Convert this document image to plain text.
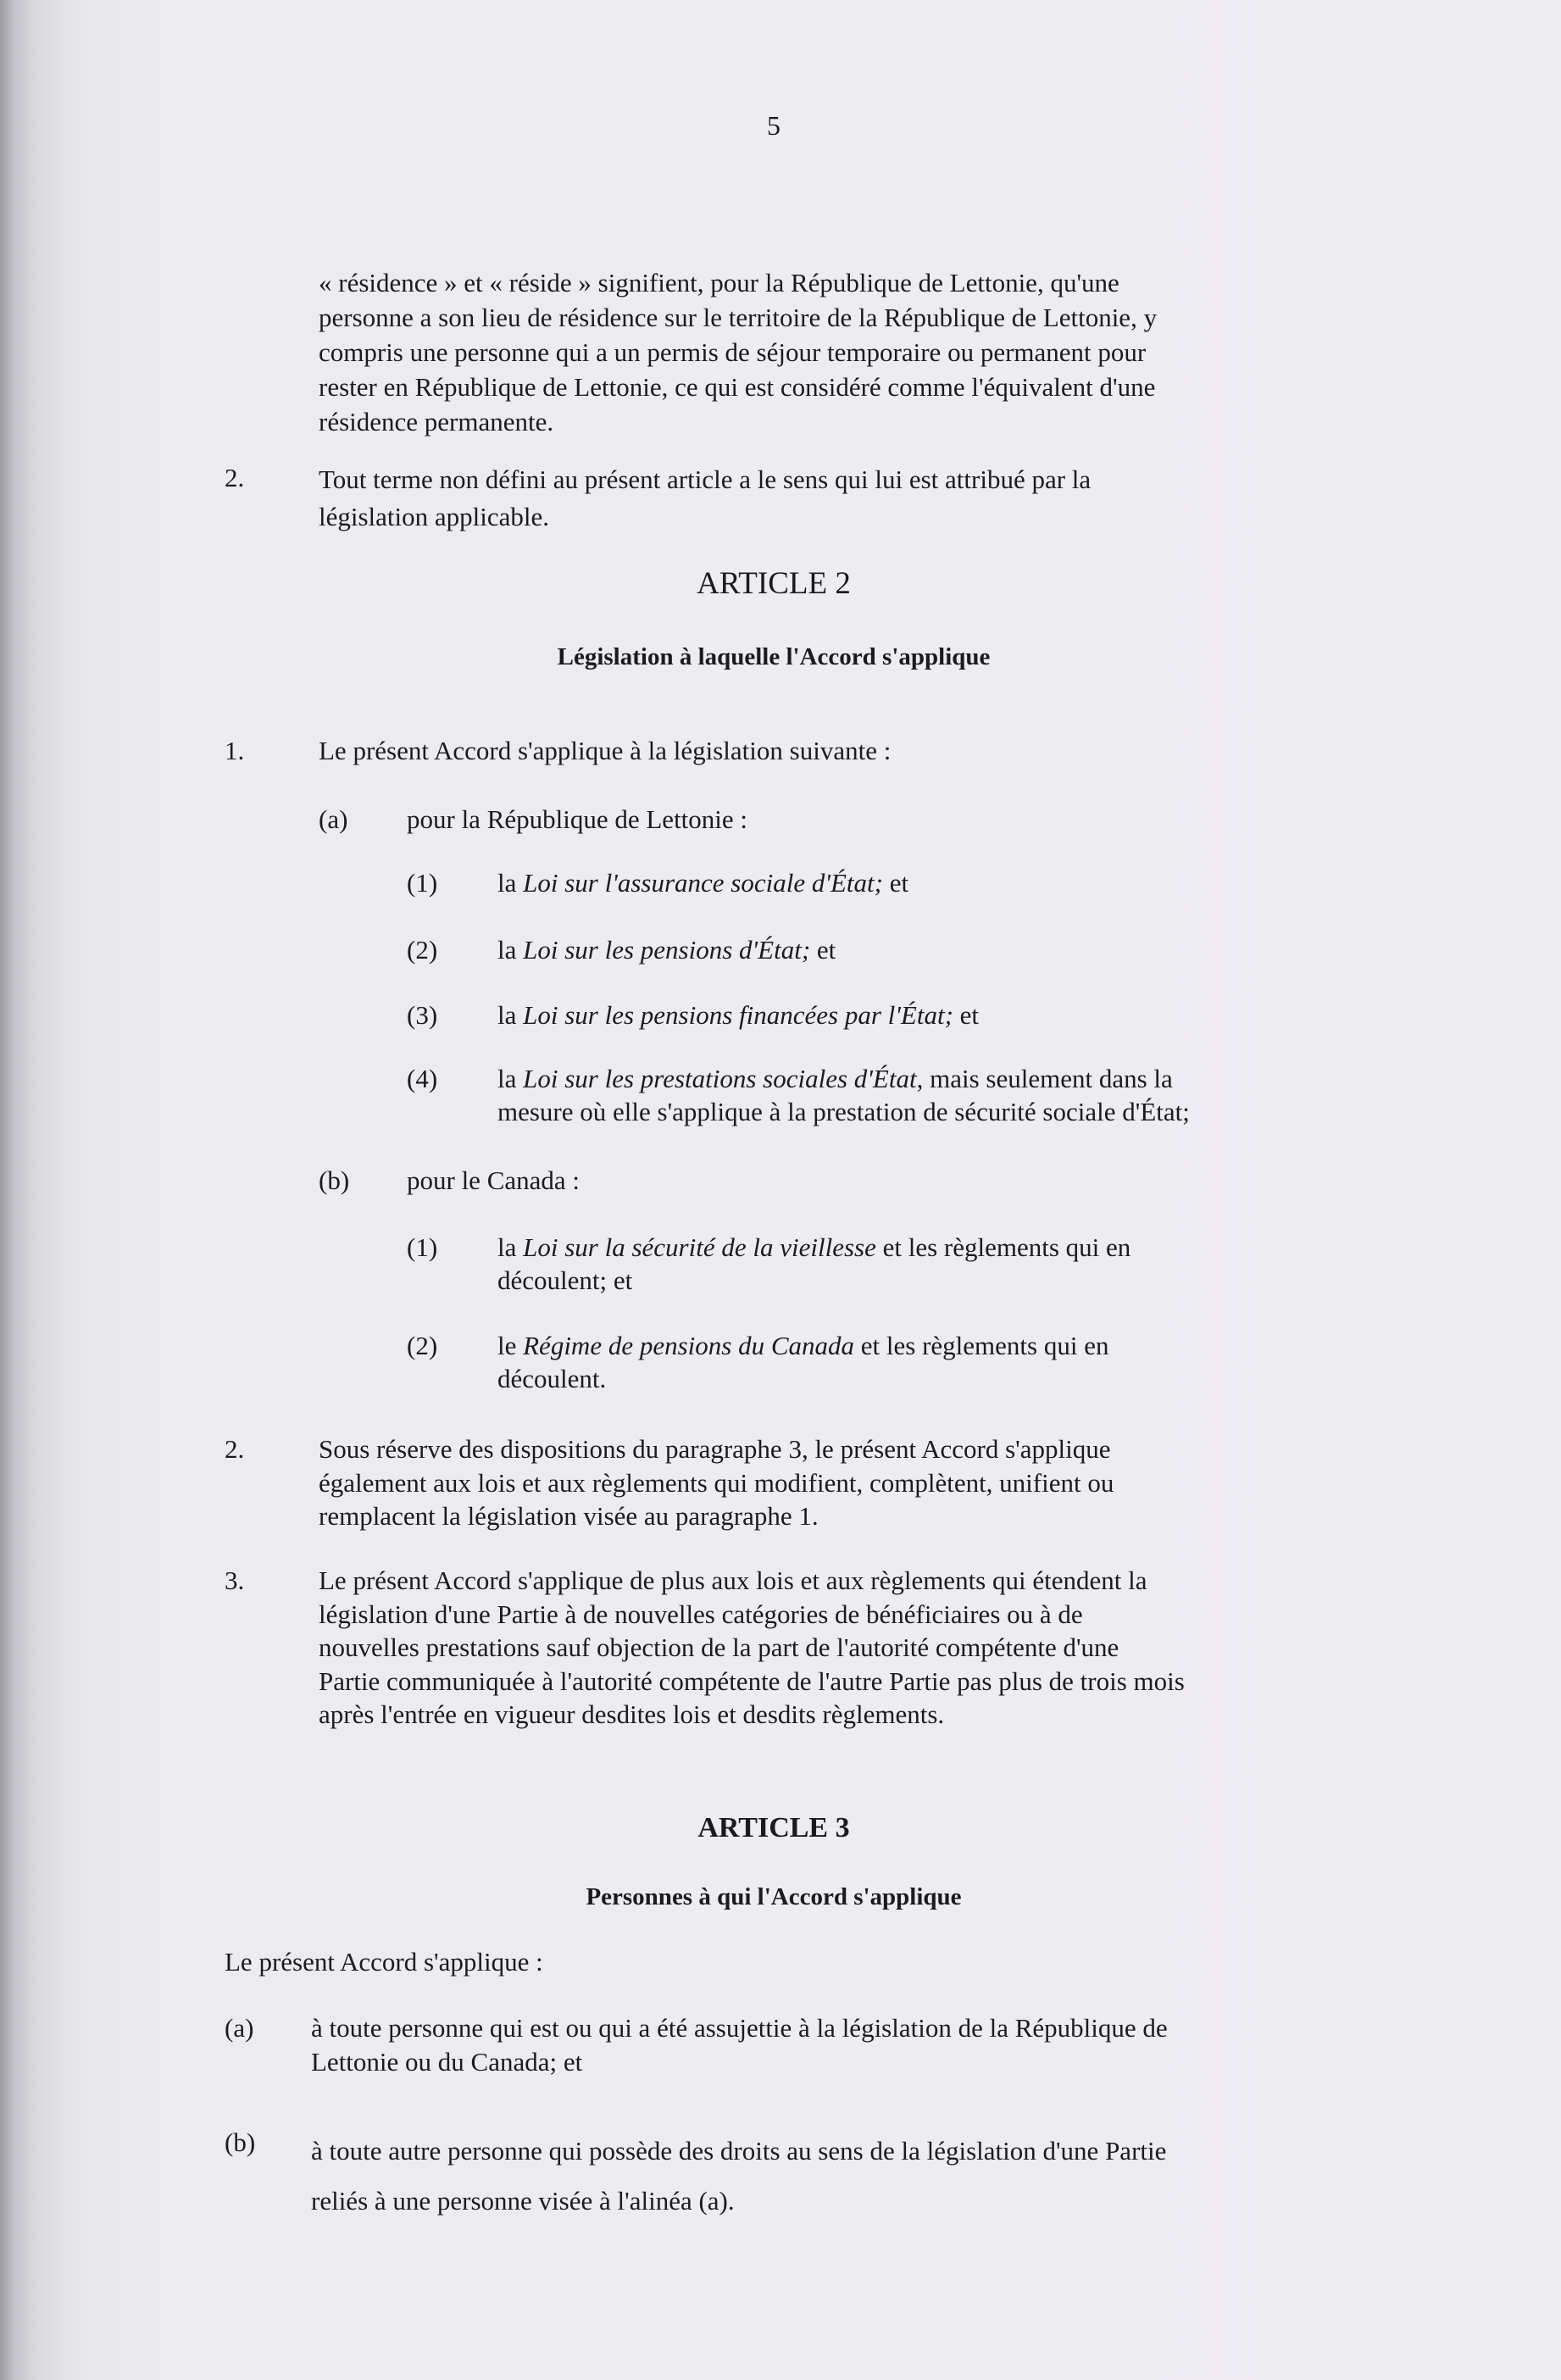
5
« résidence » et « réside » signifient, pour la République de Lettonie, qu'une
personne a son lieu de résidence sur le territoire de la République de Lettonie, y
compris une personne qui a un permis de séjour temporaire ou permanent pour
rester en République de Lettonie, ce qui est considéré comme l'équivalent d'une
résidence permanente.
2.	Tout terme non défini au présent article a le sens qui lui est attribué par la
législation applicable.
ARTICLE 2
Législation à laquelle l'Accord s'applique
1.	Le présent Accord s'applique à la législation suivante :
(a) pour la République de Lettonie :
(1) la Loi sur l'assurance sociale d'État; et
(2) la Loi sur les pensions d'État; et
(3) la Loi sur les pensions financées par l'État; et
(4) la Loi sur les prestations sociales d'État, mais seulement dans la
mesure où elle s'applique à la prestation de sécurité sociale d'État;
(b) pour le Canada :
(1) la Loi sur la sécurité de la vieillesse et les règlements qui en
découlent; et
(2) le Régime de pensions du Canada et les règlements qui en
découlent.
2.	Sous réserve des dispositions du paragraphe 3, le présent Accord s'applique
également aux lois et aux règlements qui modifient, complètent, unifient ou
remplacent la législation visée au paragraphe 1.
3.	Le présent Accord s'applique de plus aux lois et aux règlements qui étendent la
législation d'une Partie à de nouvelles catégories de bénéficiaires ou à de
nouvelles prestations sauf objection de la part de l'autorité compétente d'une
Partie communiquée à l'autorité compétente de l'autre Partie pas plus de trois mois
après l'entrée en vigueur desdites lois et desdits règlements.
ARTICLE 3
Personnes à qui l'Accord s'applique
Le présent Accord s'applique :
(a) à toute personne qui est ou qui a été assujettie à la législation de la République de
Lettonie ou du Canada; et
(b) à toute autre personne qui possède des droits au sens de la législation d'une Partie
reliés à une personne visée à l'alinéa (a).
